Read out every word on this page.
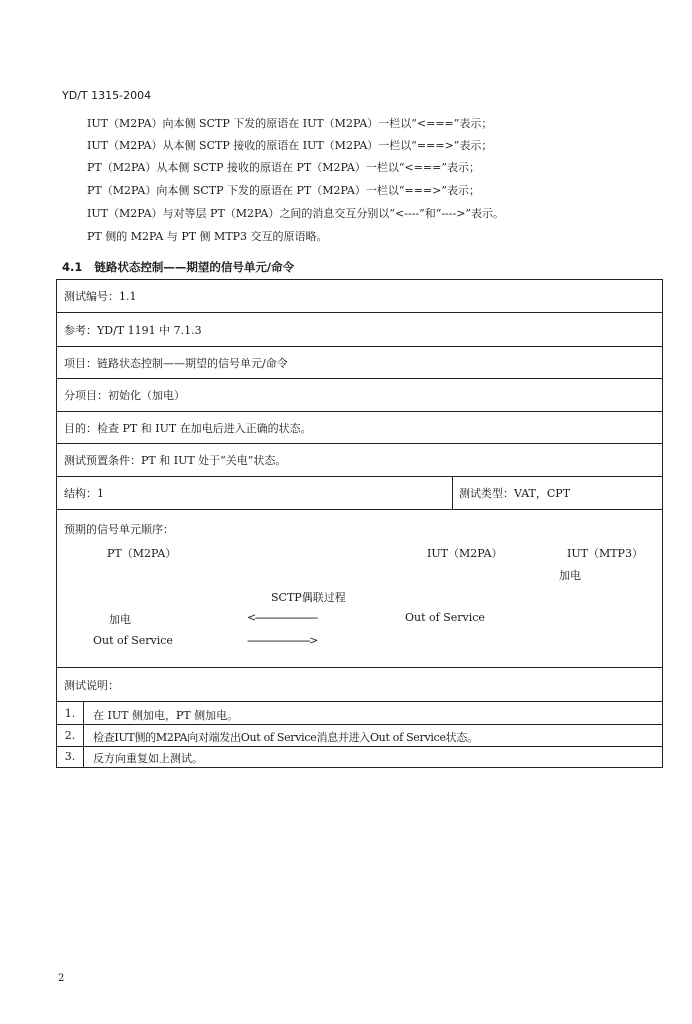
YD/T 1315-2004

IUT（M2PA）向本侧 SCTP 下发的原语在 IUT（M2PA）一栏以“<===”表示；

IUT（M2PA）从本侧 SCTP 接收的原语在 IUT（M2PA）一栏以“===>”表示；

PT（M2PA）从本侧 SCTP 接收的原语在 PT（M2PA）一栏以“<===”表示；

PT（M2PA）向本侧 SCTP 下发的原语在 PT（M2PA）一栏以“===>”表示；

IUT（M2PA）与对等层 PT（M2PA）之间的消息交互分别以“<----”和“---->”表示。

PT 侧的 M2PA 与 PT 侧 MTP3 交互的原语略。

4.1 链路状态控制——期望的信号单元/命令
测试编号：1.1
参考：YD/T 1191 中 7.1.3
项目：链路状态控制——期望的信号单元/命令
分项目：初始化（加电）
目的：检查 PT 和 IUT 在加电后进入正确的状态。
测试预置条件：PT 和 IUT 处于“关电”状态。
结构：1	测试类型：VAT，CPT
预期的信号单元顺序：
PT（M2PA）	IUT（M2PA）	IUT（MTP3）
加电
SCTP偶联过程
加电	<----------------------------	Out of Service
Out of Service	---------------------------->
测试说明：
1.	在 IUT 侧加电，PT 侧加电。
2.	检查IUT侧的M2PA向对端发出Out of Service消息并进入Out of Service状态。
3.	反方向重复如上测试。
2
